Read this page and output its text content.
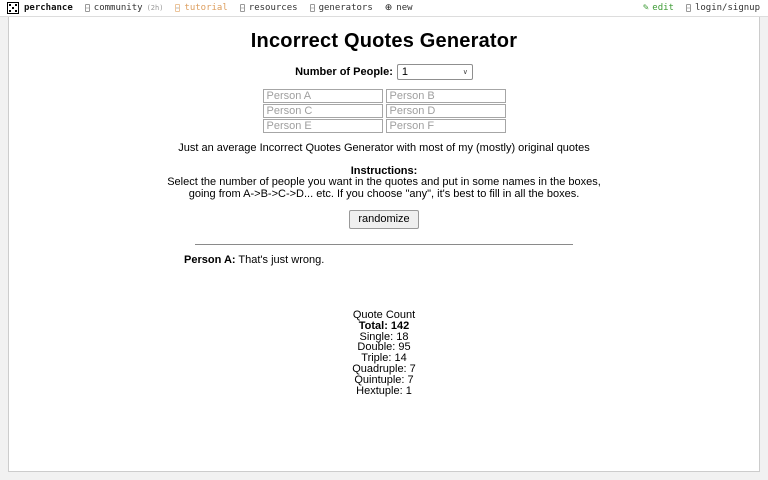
perchance community (2h) tutorial resources generators ⊕ new	✎ edit login/signup
Incorrect Quotes Generator
Number of People: 1	∨
Person A
Person B
Person C
Person D
Person E
Person F
Just an average Incorrect Quotes Generator with most of my (mostly) original quotes
Instructions:
Select the number of people you want in the quotes and put in some names in the boxes,
going from A->B->C->D... etc. If you choose "any", it's best to fill in all the boxes.
randomize
Person A: That's just wrong.
Quote Count
Total: 142
Single: 18
Double: 95
Triple: 14
Quadruple: 7
Quintuple: 7
Hextuple: 1
